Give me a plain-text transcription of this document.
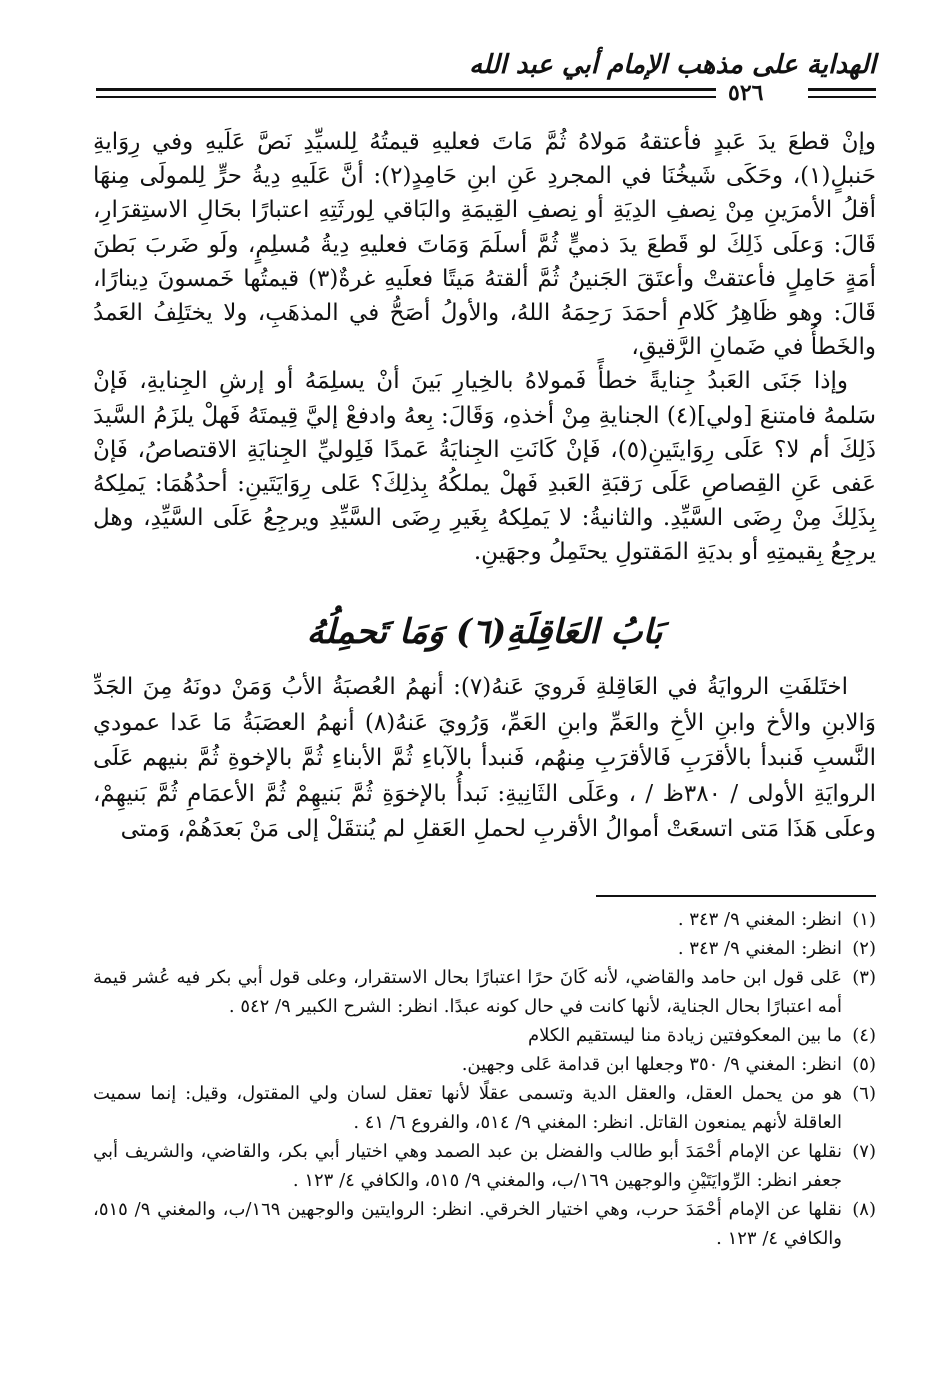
الهداية على مذهب الإمام أبي عبد الله
٥٢٦

وإنْ قطعَ يدَ عَبدٍ فأعتقهُ مَولاهُ ثُمَّ مَاتَ فعليهِ قيمتُهُ لِلسيِّدِ نَصَّ عَلَيهِ وفي رِوَايةِ حَنبلٍ(١)، وحَكَى شَيخُنَا في المجردِ عَنِ ابنِ حَامِدٍ(٢): أنَّ عَلَيهِ دِيةُ حرٍّ لِلمولَى مِنهَا أقلُ الأمرَينِ مِنْ نِصفِ الدِيَةِ أو نِصفِ القِيمَةِ والبَاقي لِورثَتِهِ اعتبارًا بحَالِ الاستِقرَارِ، قَالَ: وَعلَى ذَلِكَ لو قَطعَ يدَ ذميٍّ ثُمَّ أسلَمَ وَمَاتَ فعليهِ دِيةُ مُسلِمٍ، ولَو ضَربَ بَطنَ أمَةٍ حَامِلٍ فأعتقتْ وأعتَقَ الجَنينُ ثُمَّ ألقتهُ مَيتًا فعلَيهِ غرةٌ(٣) قيمتُها خَمسونَ دِينارًا، قَالَ: وهو ظَاهِرُ كَلامِ أحمَدَ رَحِمَهُ اللهُ، والأولُ أصَحُّ في المذهَبِ، ولا يختَلِفُ العَمدُ والخَطأُ في ضَمانِ الرَّقيقِ،

وإذا جَنَى العَبدُ جِنايةً خطأً فَمولاهُ بالخِيارِ بَينَ أنْ يسلِمَهُ أو إرشِ الجِنايةِ، فَإنْ سَلمهُ فامتنعَ [ولي](٤) الجنايةِ مِنْ أخذهِ، وَقَالَ: بِعهُ وادفعْ إليَّ قِيمتَهُ فَهلْ يلزَمُ السَّيدَ ذَلِكَ أم لا؟ عَلَى رِوَايتَينِ(٥)، فَإنْ كَانَتِ الجِنايَةُ عَمدًا فَلِوليِّ الجِنايَةِ الاقتصاصُ، فَإنْ عَفى عَنِ القِصاصِ عَلَى رَقبَةِ العَبدِ فَهلْ يملكُهُ بِذلِكَ؟ عَلى رِوَايَتَينِ: أحدُهُمَا: يَملِكهُ بِذَلِكَ مِنْ رِضَى السَّيِّدِ. والثانيةُ: لا يَملِكهُ بِغَيرِ رِضَى السَّيِّدِ ويرجِعُ عَلَى السَّيِّدِ، وهل يرجِعُ بِقيمتِهِ أو بديَةِ المَقتولِ يحتَمِلُ وجهَينِ.

بَابُ العَاقِلَةِ(٦) وَمَا تَحمِلُهُ

اختَلفَتِ الروايَةُ في العَاقِلةِ فَرويَ عَنهُ(٧): أنهمُ العُصبَةُ الأبُ وَمَنْ دونَهُ مِنَ الجَدِّ وَالابنِ والأخ وابنِ الأخِ والعَمِّ وابنِ العَمِّ، وَرُويَ عَنهُ(٨) أنهمُ العصَبَةُ مَا عَدا عمودي النَّسبِ فَنبدأ بالأقرَبِ فَالأقرَبِ مِنهُم، فَنبدأ بالآباءِ ثُمَّ الأبناءِ ثُمَّ بالإخوةِ ثُمَّ بنيهم عَلَى الروايَةِ الأولى / ٣٨٠ظ / ، وعَلَى الثَانِيةِ: نَبدأُ بالإخوَةِ ثُمَّ بَنيهِمْ ثُمَّ الأعمَامِ ثُمَّ بَنيهِمْ، وعلَى هَذَا مَتى اتسعَتْ أموالُ الأقربِ لحملِ العَقلِ لم يُنتقَلْ إلى مَنْ بَعدَهُمْ، وَمتى

(١)
انظر: المغني ٩/ ٣٤٣ .

(٢)
انظر: المغني ٩/ ٣٤٣ .

(٣)
عَلى قول ابن حامد والقاضي، لأنه كَانَ حرًا اعتبارًا بحال الاستقرار، وعلى قول أبي بكر فيه عُشر قيمة أمه اعتبارًا بحال الجناية، لأنها كانت في حال كونه عبدًا. انظر: الشرح الكبير ٩/ ٥٤٢ .

(٤)
ما بين المعكوفتين زيادة منا ليستقيم الكلام

(٥)
انظر: المغني ٩/ ٣٥٠ وجعلها ابن قدامة عَلى وجهين.

(٦)
هو من يحمل العقل، والعقل الدية وتسمى عقلًا لأنها تعقل لسان ولي المقتول، وقيل: إنما سميت العاقلة لأنهم يمنعون القاتل. انظر: المغني ٩/ ٥١٤، والفروع ٦/ ٤١ .

(٧)
نقلها عن الإمام أحْمَدَ أبو طالب والفضل بن عبد الصمد وهي اختيار أبي بكر، والقاضي، والشريف أبي جعفر انظر: الرِّوايَتَيْنِ والوجهين ١٦٩/ب، والمغني ٩/ ٥١٥، والكافي ٤/ ١٢٣ .

(٨)
نقلها عن الإمام أحْمَدَ حرب، وهي اختيار الخرقي. انظر: الروايتين والوجهين ١٦٩/ب، والمغني ٩/ ٥١٥، والكافي ٤/ ١٢٣ .
